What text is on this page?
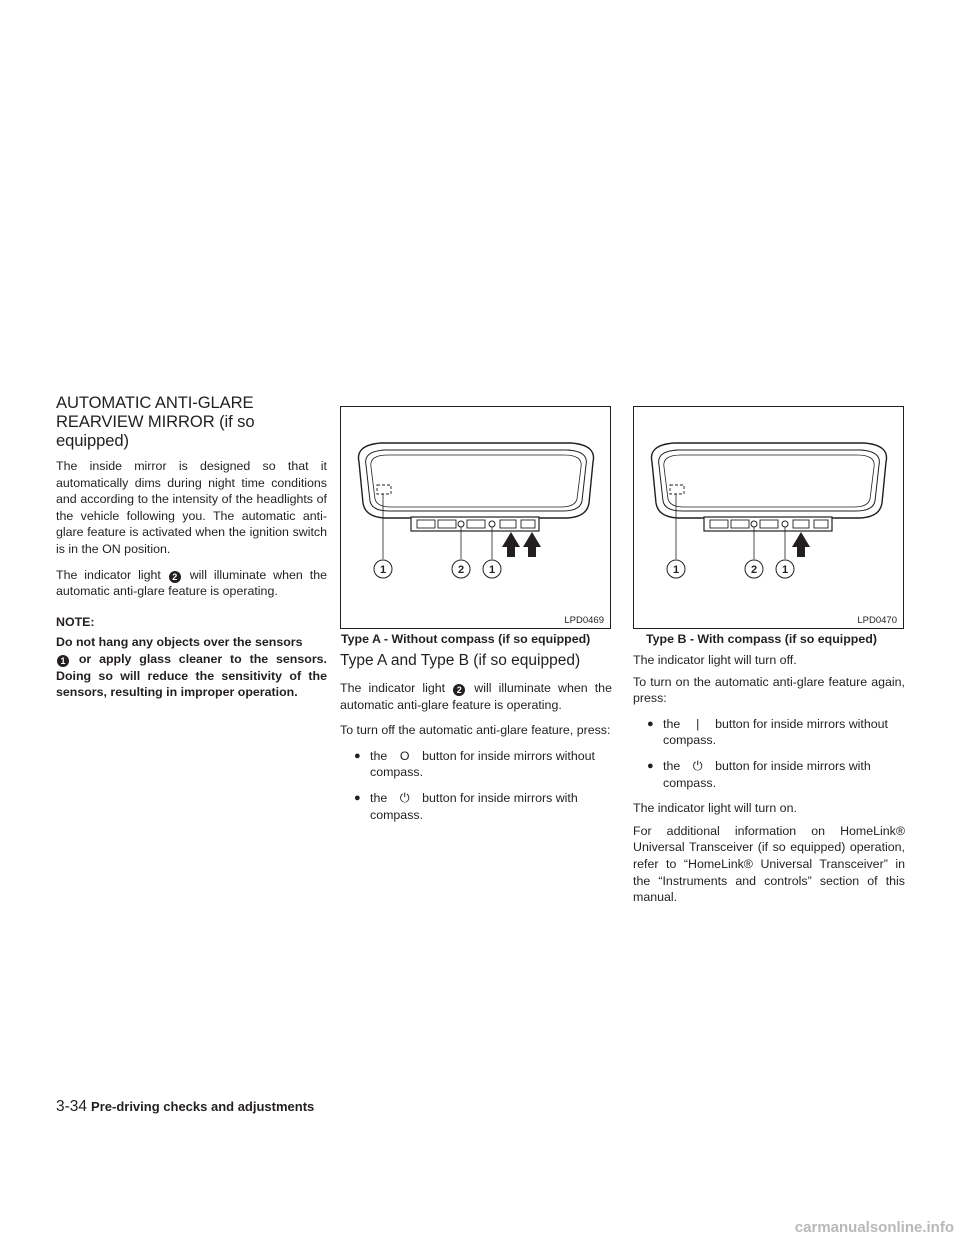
AUTOMATIC ANTI-GLARE
REARVIEW MIRROR (if so equipped)

The inside mirror is designed so that it automatically dims during night time conditions and according to the intensity of the headlights of the vehicle following you. The automatic anti-glare feature is activated when the ignition switch is in the ON position.

The indicator light 2 will illuminate when the automatic anti-glare feature is operating.

NOTE:
Do not hang any objects over the sensors
1 or apply glass cleaner to the sensors. Doing so will reduce the sensitivity of the sensors, resulting in improper operation.
1	2 1
LPD0469
Type A - Without compass (if so equipped)
1	2 1
LPD0470
Type B - With compass (if so equipped)
Type A and Type B (if so equipped)

The indicator light 2 will illuminate when the automatic anti-glare feature is operating.

To turn off the automatic anti-glare feature, press:

● the O button for inside mirrors without compass.
● the ⏻ button for inside mirrors with compass.

The indicator light will turn off.

To turn on the automatic anti-glare feature again, press:

● the | button for inside mirrors without compass.
● the ⏻ button for inside mirrors with compass.

The indicator light will turn on.

For additional information on HomeLink® Universal Transceiver (if so equipped) operation, refer to “HomeLink® Universal Transceiver” in the “Instruments and controls” section of this manual.

3-34 Pre-driving checks and adjustments
carmanualsonline.info
